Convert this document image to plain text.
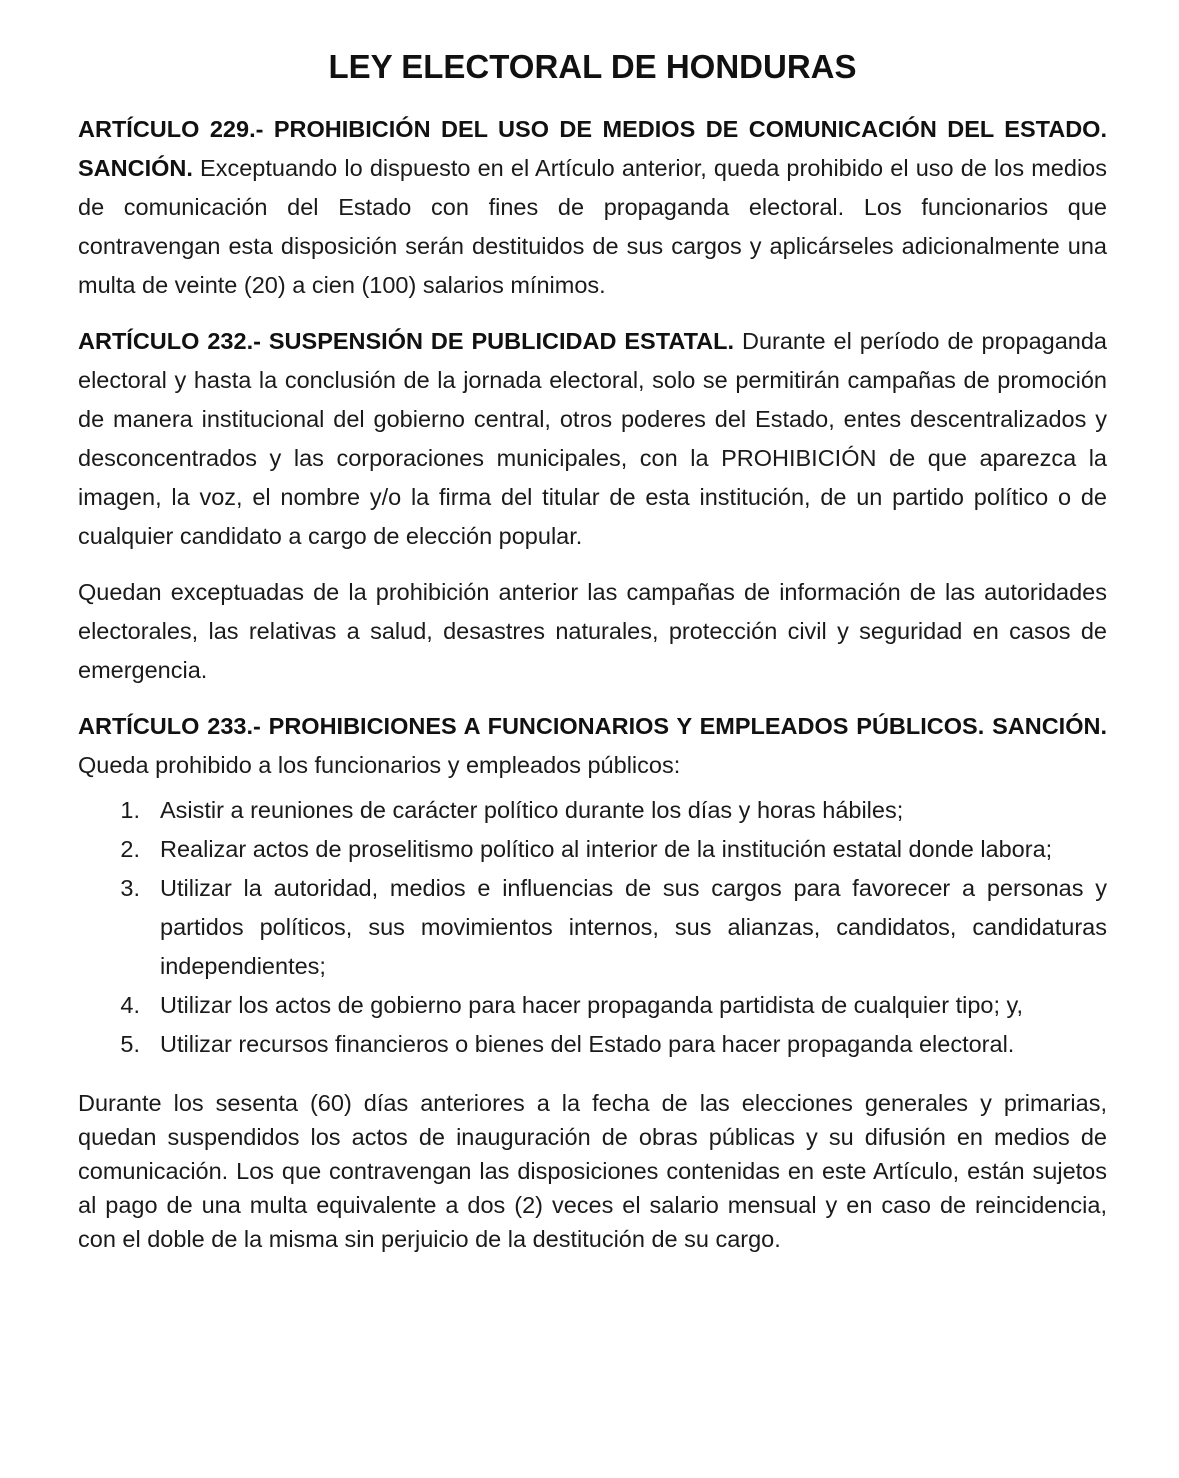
LEY ELECTORAL DE HONDURAS

ARTÍCULO 229.- PROHIBICIÓN DEL USO DE MEDIOS DE COMUNICACIÓN DEL ESTADO. SANCIÓN. Exceptuando lo dispuesto en el Artículo anterior, queda prohibido el uso de los medios de comunicación del Estado con fines de propaganda electoral. Los funcionarios que contravengan esta disposición serán destituidos de sus cargos y aplicárseles adicionalmente una multa de veinte (20) a cien (100) salarios mínimos.

ARTÍCULO 232.- SUSPENSIÓN DE PUBLICIDAD ESTATAL. Durante el período de propaganda electoral y hasta la conclusión de la jornada electoral, solo se permitirán campañas de promoción de manera institucional del gobierno central, otros poderes del Estado, entes descentralizados y desconcentrados y las corporaciones municipales, con la PROHIBICIÓN de que aparezca la imagen, la voz, el nombre y/o la firma del titular de esta institución, de un partido político o de cualquier candidato a cargo de elección popular.

Quedan exceptuadas de la prohibición anterior las campañas de información de las autoridades electorales, las relativas a salud, desastres naturales, protección civil y seguridad en casos de emergencia.

ARTÍCULO 233.- PROHIBICIONES A FUNCIONARIOS Y EMPLEADOS PÚBLICOS. SANCIÓN. Queda prohibido a los funcionarios y empleados públicos:

1. Asistir a reuniones de carácter político durante los días y horas hábiles;
2. Realizar actos de proselitismo político al interior de la institución estatal donde labora;
3. Utilizar la autoridad, medios e influencias de sus cargos para favorecer a personas y partidos políticos, sus movimientos internos, sus alianzas, candidatos, candidaturas independientes;
4. Utilizar los actos de gobierno para hacer propaganda partidista de cualquier tipo; y,
5. Utilizar recursos financieros o bienes del Estado para hacer propaganda electoral.

Durante los sesenta (60) días anteriores a la fecha de las elecciones generales y primarias, quedan suspendidos los actos de inauguración de obras públicas y su difusión en medios de comunicación. Los que contravengan las disposiciones contenidas en este Artículo, están sujetos al pago de una multa equivalente a dos (2) veces el salario mensual y en caso de reincidencia, con el doble de la misma sin perjuicio de la destitución de su cargo.
